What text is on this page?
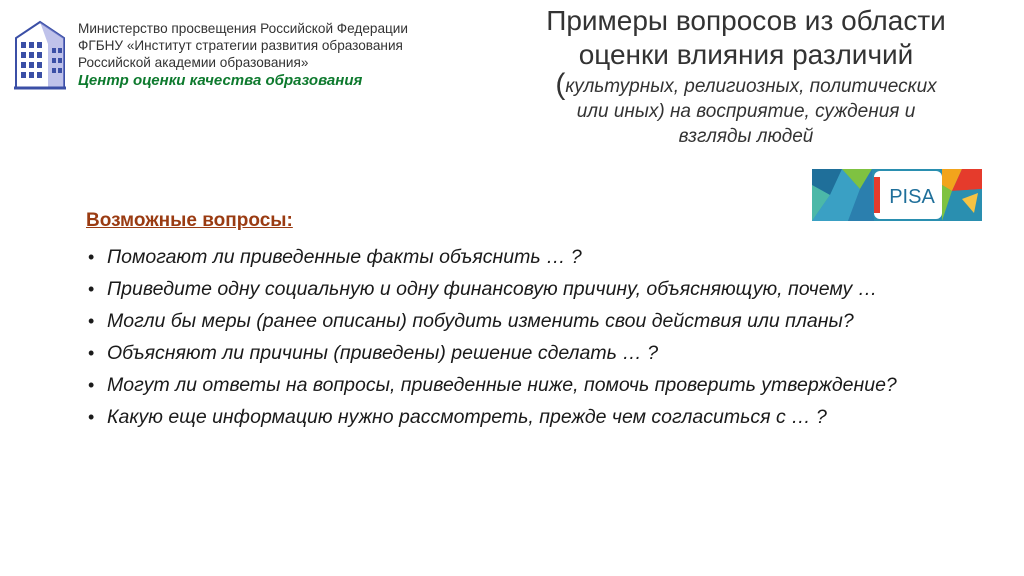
Министерство просвещения Российской Федерации
ФГБНУ «Институт стратегии развития образования
Российской академии образования»
Центр оценки качества образования
Примеры вопросов из области
оценки влияния различий
(культурных, религиозных, политических
или иных) на восприятие, суждения и
взгляды людей
PISA
Возможные вопросы:
• Помогают ли приведенные факты объяснить … ?
• Приведите одну социальную и одну финансовую причину, объясняющую, почему …
• Могли бы меры (ранее описаны) побудить изменить свои действия или планы?
• Объясняют ли причины (приведены) решение сделать … ?
• Могут ли ответы на вопросы, приведенные ниже, помочь проверить утверждение?
• Какую еще информацию нужно рассмотреть, прежде чем согласиться с … ?
